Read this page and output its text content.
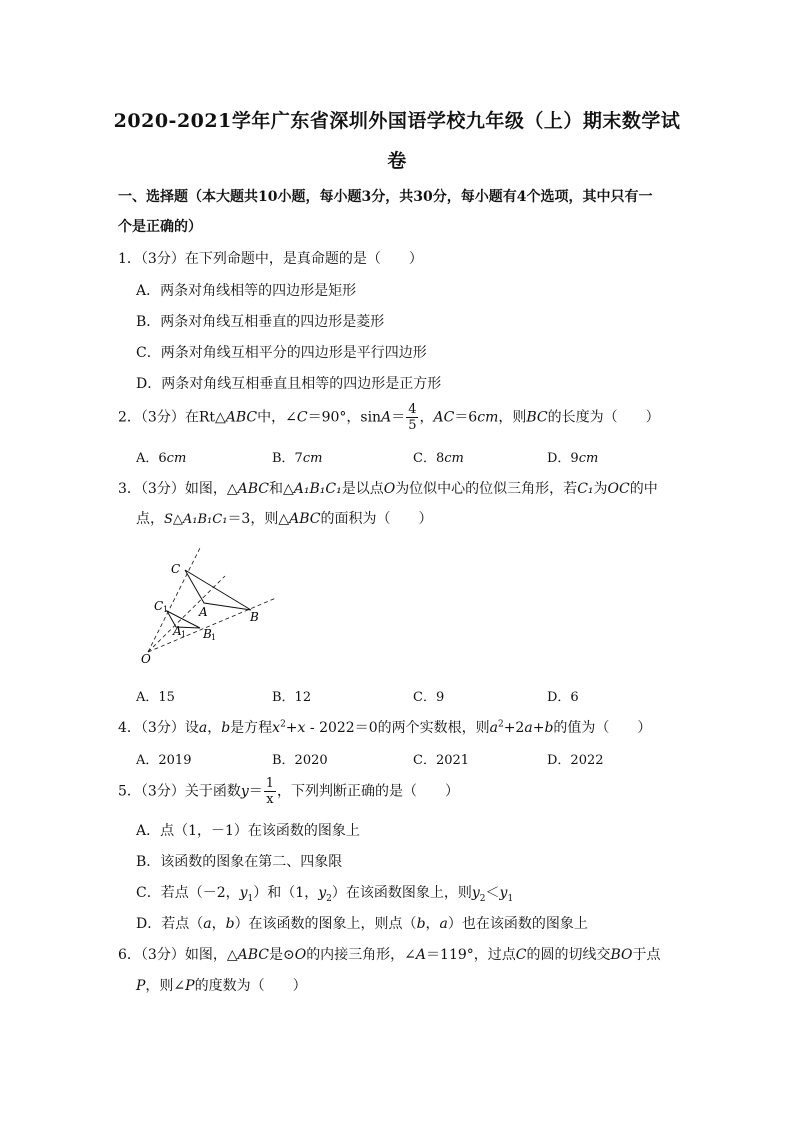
2020-2021学年广东省深圳外国语学校九年级（上）期末数学试
卷
一、选择题（本大题共10小题，每小题3分，共30分，每小题有4个选项，其中只有一
个是正确的）
1．（3分）在下列命题中，是真命题的是（　　）
A．两条对角线相等的四边形是矩形
B．两条对角线互相垂直的四边形是菱形
C．两条对角线互相平分的四边形是平行四边形
D．两条对角线互相垂直且相等的四边形是正方形
2．（3分）在Rt△ABC中，∠C＝90°，$\sin A= \frac{4}{5}$ ，AC＝6cm，则BC的长度为（　　）
A．6cm	B．7cm	C．8cm	D．9cm
3．（3分）如图，△ABC和△A₁B₁C₁是以点O为位似中心的位似三角形，若C₁为OC的中
点，S△A₁B₁C₁＝3，则△ABC的面积为（　　）
C
A	B
C 1
A 1 B 1
O
A．15	B．12	C．9	D．6
4．（3分）设a，b是方程$x^2+x - 2022=0$的两个实数根，则$a^2+2a+b$的值为（　　）
A．2019	B．2020	C．2021	D．2022
5．（3分）关于函数$y= \frac{1}{x}$ ，下列判断正确的是（　　）
A．点（1，－1）在该函数的图象上
B．该函数的图象在第二、四象限
C．若点（－2，$y_1$）和（1，$y_2$）在该函数图象上，则$y_2<y_1$
D．若点（a，b）在该函数的图象上，则点（b，a）也在该函数的图象上
6．（3分）如图，△ABC是⊙O的内接三角形，∠A＝119°，过点C的圆的切线交BO于点
P，则∠P的度数为（　　）
